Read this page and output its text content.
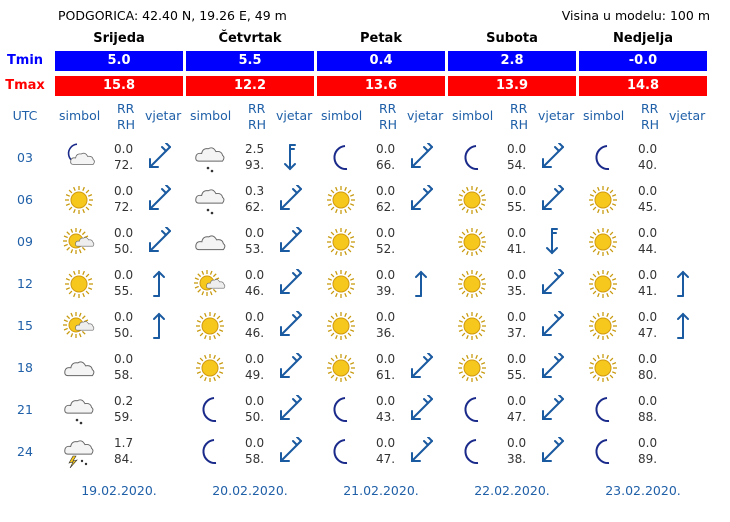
PODGORICA: 42.40 N, 19.26 E, 49 m	Visina u modelu: 100 m
Tmin
Tmax
UTC
03
06
09
12
15
18
21
24
Srijeda
5.0
15.8
simbol RR
RH
vjetar
0.0
72.
0.0
72.
0.0
50.
0.0
55.
0.0
50.
0.0
58.
0.2
59.
1.7
84.
19.02.2020.
Četvrtak
5.5
12.2
simbol RR
RH
vjetar
2.5
93.
0.3
62.
0.0
53.
0.0
46.
0.0
46.
0.0
49.
0.0
50.
0.0
58.
20.02.2020.
Petak
0.4
13.6
simbol RR
RH
vjetar
0.0
66.
0.0
62.
0.0
52.
0.0
39.
0.0
36.
0.0
61.
0.0
43.
0.0
47.
21.02.2020.
Subota
2.8
13.9
simbol RR
RH
vjetar
0.0
54.
0.0
55.
0.0
41.
0.0
35.
0.0
37.
0.0
55.
0.0
47.
0.0
38.
22.02.2020.
Nedjelja
-0.0
14.8
simbol RR
RH
vjetar
0.0
40.
0.0
45.
0.0
44.
0.0
41.
0.0
47.
0.0
80.
0.0
88.
0.0
89.
23.02.2020.
